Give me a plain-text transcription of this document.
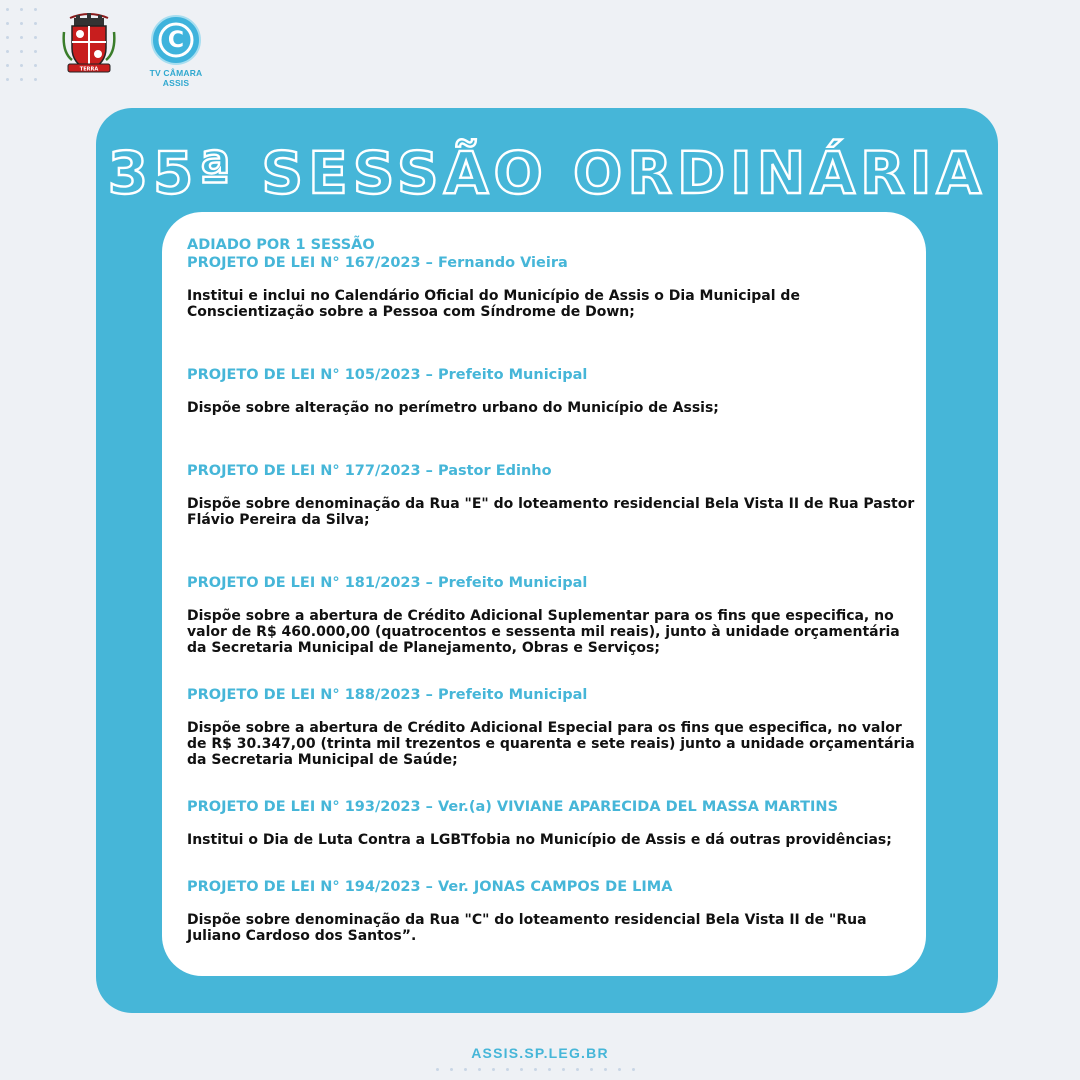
TERRA
C
TV CÂMARA ASSIS
35ª SESSÃO ORDINÁRIA
ADIADO POR 1 SESSÃO
PROJETO DE LEI N° 167/2023 – Fernando Vieira
Institui e inclui no Calendário Oficial do Município de Assis o Dia Municipal de Conscientização sobre a Pessoa com Síndrome de Down;
PROJETO DE LEI N° 105/2023 – Prefeito Municipal
Dispõe sobre alteração no perímetro urbano do Município de Assis;
PROJETO DE LEI N° 177/2023 – Pastor Edinho
Dispõe sobre denominação da Rua "E" do loteamento residencial Bela Vista II de Rua Pastor Flávio Pereira da Silva;
PROJETO DE LEI N° 181/2023 – Prefeito Municipal
Dispõe sobre a abertura de Crédito Adicional Suplementar para os fins que especifica, no valor de R$ 460.000,00 (quatrocentos e sessenta mil reais), junto à unidade orçamentária da Secretaria Municipal de Planejamento, Obras e Serviços;
PROJETO DE LEI N° 188/2023 – Prefeito Municipal
Dispõe sobre a abertura de Crédito Adicional Especial para os fins que especifica, no valor de R$ 30.347,00 (trinta mil trezentos e quarenta e sete reais) junto a unidade orçamentária da Secretaria Municipal de Saúde;
PROJETO DE LEI N° 193/2023 – Ver.(a) VIVIANE APARECIDA DEL MASSA MARTINS
Institui o Dia de Luta Contra a LGBTfobia no Município de Assis e dá outras providências;
PROJETO DE LEI N° 194/2023 – Ver. JONAS CAMPOS DE LIMA
Dispõe sobre denominação da Rua "C" do loteamento residencial Bela Vista II de "Rua Juliano Cardoso dos Santos”.
ASSIS.SP.LEG.BR
